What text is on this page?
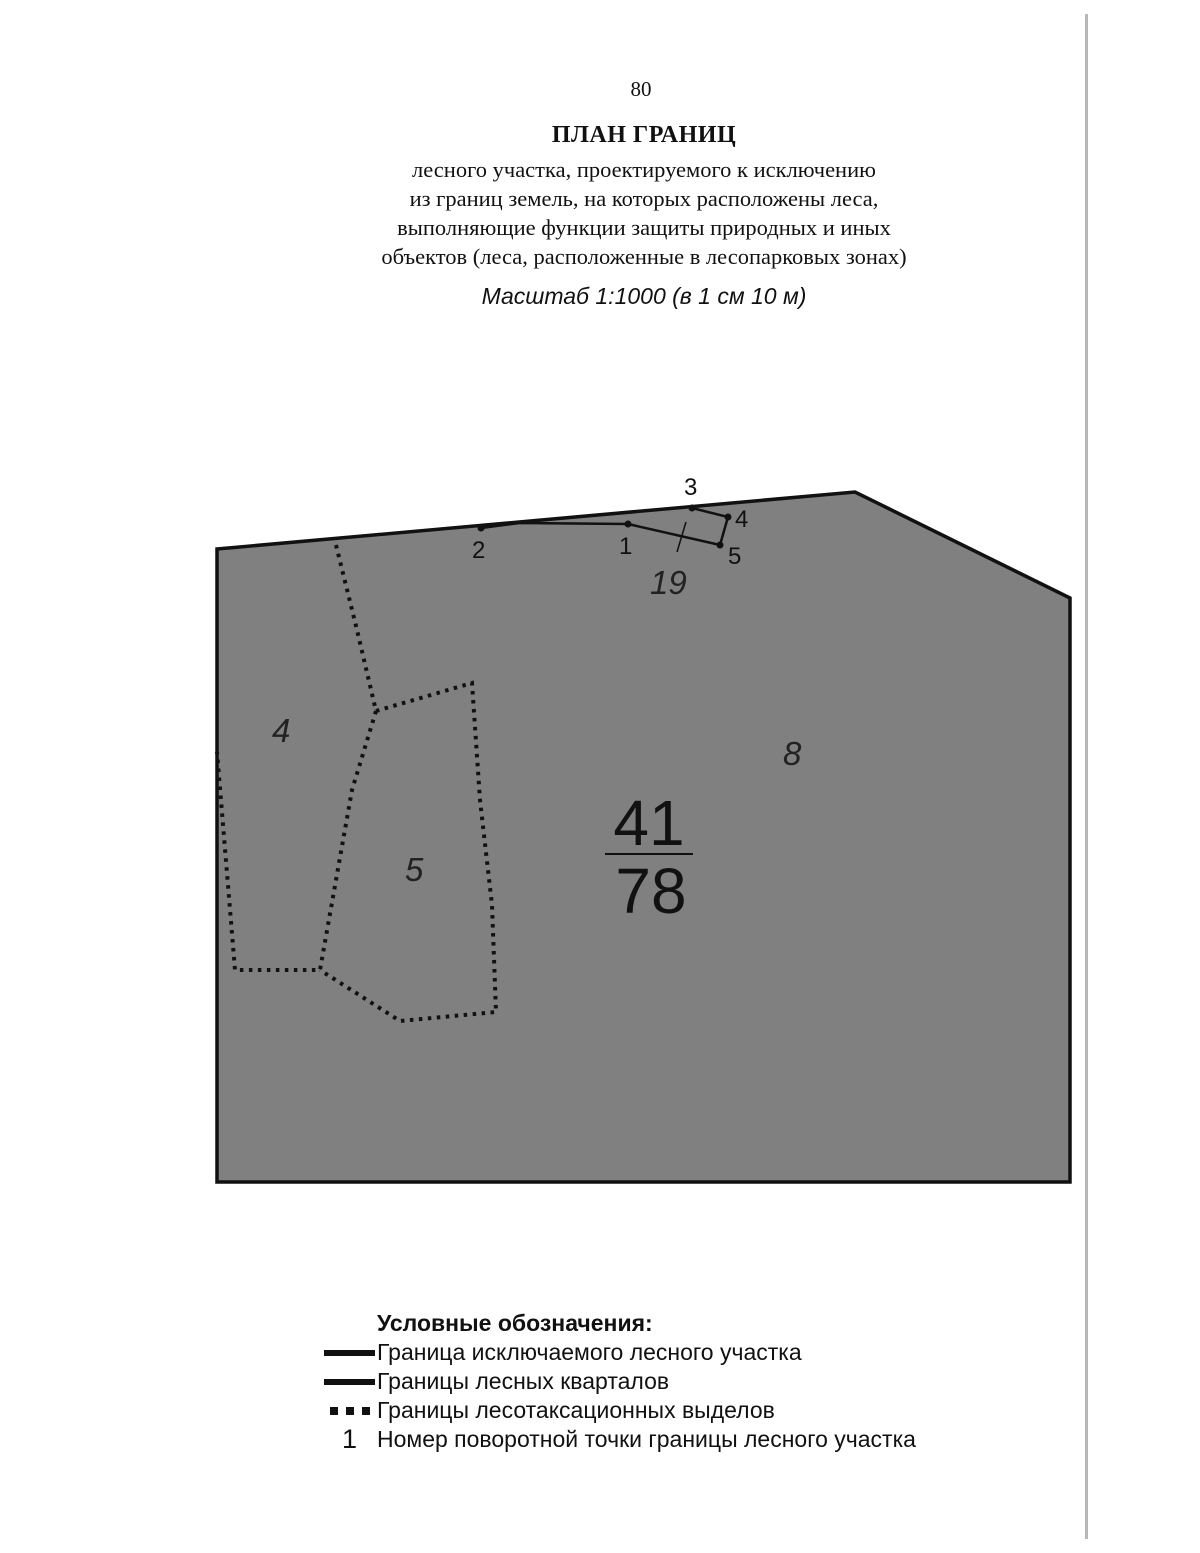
80
ПЛАН ГРАНИЦ
лесного участка, проектируемого к исключению
из границ земель, на которых расположены леса,
выполняющие функции защиты природных и иных
объектов (леса, расположенные в лесопарковых зонах)
Масштаб 1:1000 (в 1 см 10 м)
1
2
3
4
5
4
5
8
19
41
78
Условные обозначения:
Граница исключаемого лесного участка
Границы лесных кварталов
Границы лесотаксационных выделов
1 Номер поворотной точки границы лесного участка
